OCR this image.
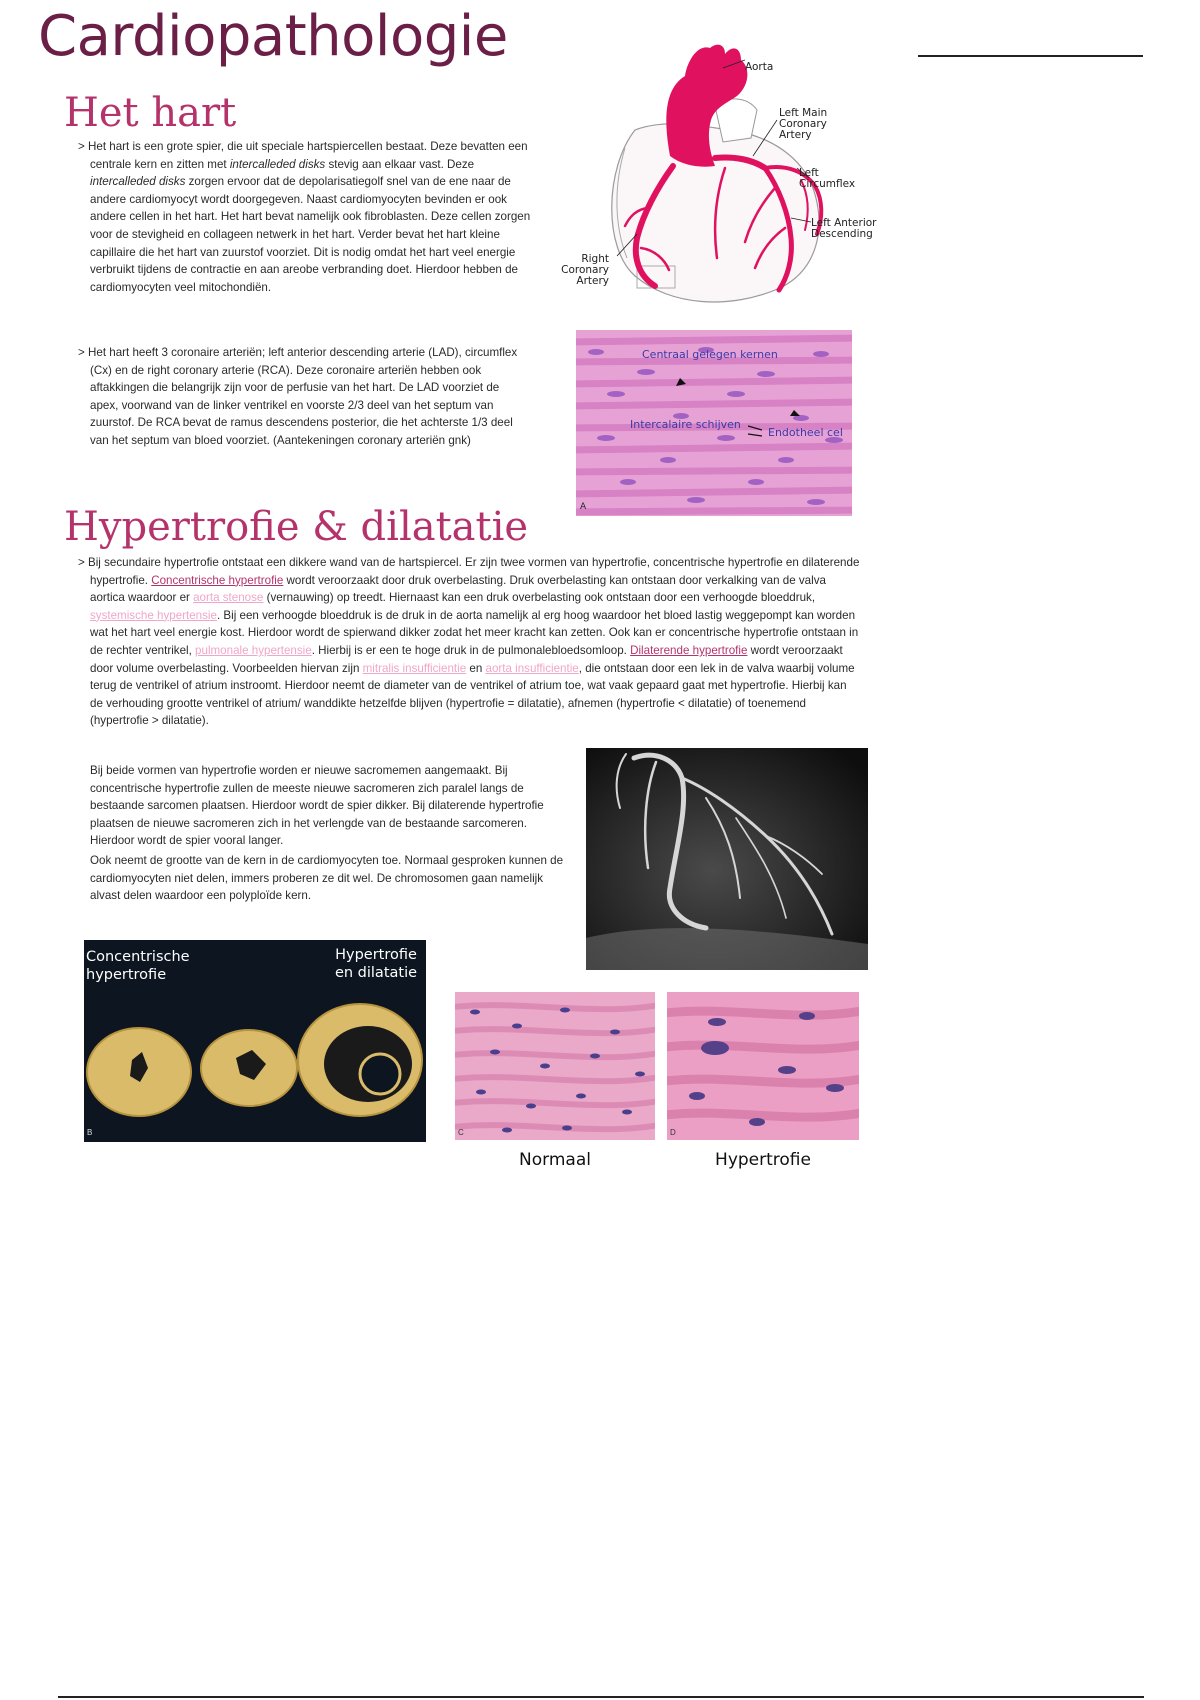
Cardiopathologie
Het hart

> Het hart is een grote spier, die uit speciale hartspiercellen bestaat. Deze bevatten een centrale kern en zitten met intercalleded disks stevig aan elkaar vast. Deze intercalleded disks zorgen ervoor dat de depolarisatiegolf snel van de ene naar de andere cardiomyocyt wordt doorgegeven. Naast cardiomyocyten bevinden er ook andere cellen in het hart. Het hart bevat namelijk ook fibroblasten. Deze cellen zorgen voor de stevigheid en collageen netwerk in het hart. Verder bevat het hart kleine capillaire die het hart van zuurstof voorziet. Dit is nodig omdat het hart veel energie verbruikt tijdens de contractie en aan areobe verbranding doet. Hierdoor hebben de cardiomyocyten veel mitochondiën.

> Het hart heeft 3 coronaire arteriën; left anterior descending arterie (LAD), circumflex (Cx) en de right coronary arterie (RCA). Deze coronaire arteriën hebben ook aftakkingen die belangrijk zijn voor de perfusie van het hart. De LAD voorziet de apex, voorwand van de linker ventrikel en voorste 2/3 deel van het septum van zuurstof. De RCA bevat de ramus descendens posterior, die het achterste 1/3 deel van het septum van bloed voorziet. (Aantekeningen coronary arteriën gnk)

Aorta
Left Main Coronary Artery
Left Circumflex
Left Anterior Descending
Right Coronary Artery
Centraal gelegen kernen
Intercalaire schijven
Endotheel cel
A
Hypertrofie & dilatatie

> Bij secundaire hypertrofie ontstaat een dikkere wand van de hartspiercel. Er zijn twee vormen van hypertrofie, concentrische hypertrofie en dilaterende hypertrofie. Concentrische hypertrofie wordt veroorzaakt door druk overbelasting. Druk overbelasting kan ontstaan door verkalking van de valva aortica waardoor er aorta stenose (vernauwing) op treedt. Hiernaast kan een druk overbelasting ook ontstaan door een verhoogde bloeddruk, systemische hypertensie. Bij een verhoogde bloeddruk is de druk in de aorta namelijk al erg hoog waardoor het bloed lastig weggepompt kan worden wat het hart veel energie kost. Hierdoor wordt de spierwand dikker zodat het meer kracht kan zetten. Ook kan er concentrische hypertrofie ontstaan in de rechter ventrikel, pulmonale hypertensie. Hierbij is er een te hoge druk in de pulmonalebloedsomloop. Dilaterende hypertrofie wordt veroorzaakt door volume overbelasting. Voorbeelden hiervan zijn mitralis insufficientie en aorta insufficientie, die ontstaan door een lek in de valva waarbij volume terug de ventrikel of atrium instroomt. Hierdoor neemt de diameter van de ventrikel of atrium toe, wat vaak gepaard gaat met hypertrofie. Hierbij kan de verhouding grootte ventrikel of atrium/ wanddikte hetzelfde blijven (hypertrofie = dilatatie), afnemen (hypertrofie < dilatatie) of toenemend (hypertrofie > dilatatie).

Bij beide vormen van hypertrofie worden er nieuwe sacromemen aangemaakt. Bij concentrische hypertrofie zullen de meeste nieuwe sacromeren zich paralel langs de bestaande sarcomen plaatsen. Hierdoor wordt de spier dikker. Bij dilaterende hypertrofie plaatsen de nieuwe sacromeren zich in het verlengde van de bestaande sarcomeren. Hierdoor wordt de spier vooral langer.

Ook neemt de grootte van de kern in de cardiomyocyten toe. Normaal gesproken kunnen de cardiomyocyten niet delen, immers proberen ze dit wel. De chromosomen gaan namelijk alvast delen waardoor een polyploïde kern.

Concentrische hypertrofie
Hypertrofie en dilatatie
B	C	D
Normaal	Hypertrofie
